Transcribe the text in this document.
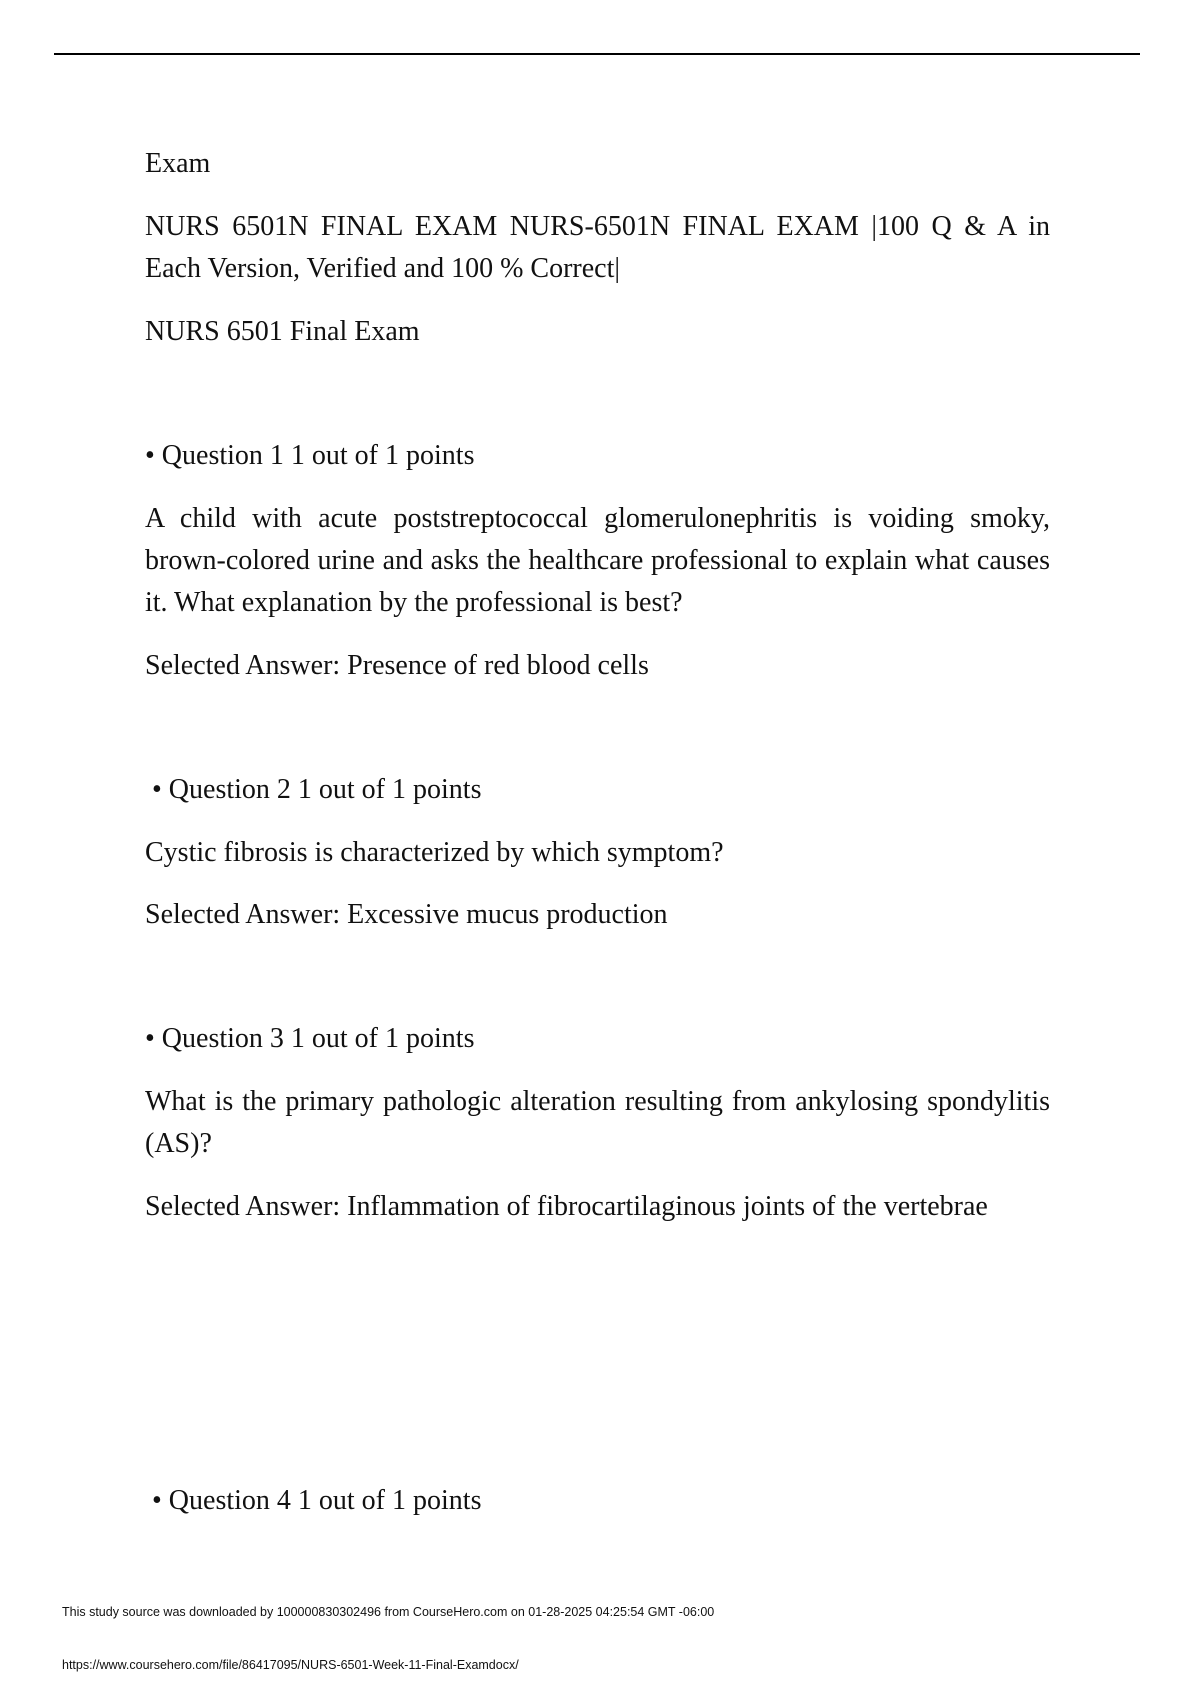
Exam

NURS 6501N FINAL EXAM NURS-6501N FINAL EXAM |100 Q & A in Each Version, Verified and 100 % Correct|

NURS 6501 Final Exam

• Question 1 1 out of 1 points

A child with acute poststreptococcal glomerulonephritis is voiding smoky, brown-colored urine and asks the healthcare professional to explain what causes it. What explanation by the professional is best?

Selected Answer: Presence of red blood cells

• Question 2 1 out of 1 points

Cystic fibrosis is characterized by which symptom?

Selected Answer: Excessive mucus production

• Question 3 1 out of 1 points

What is the primary pathologic alteration resulting from ankylosing spondylitis (AS)?

Selected Answer: Inflammation of fibrocartilaginous joints of the vertebrae

• Question 4 1 out of 1 points

This study source was downloaded by 100000830302496 from CourseHero.com on 01-28-2025 04:25:54 GMT -06:00

https://www.coursehero.com/file/86417095/NURS-6501-Week-11-Final-Examdocx/
